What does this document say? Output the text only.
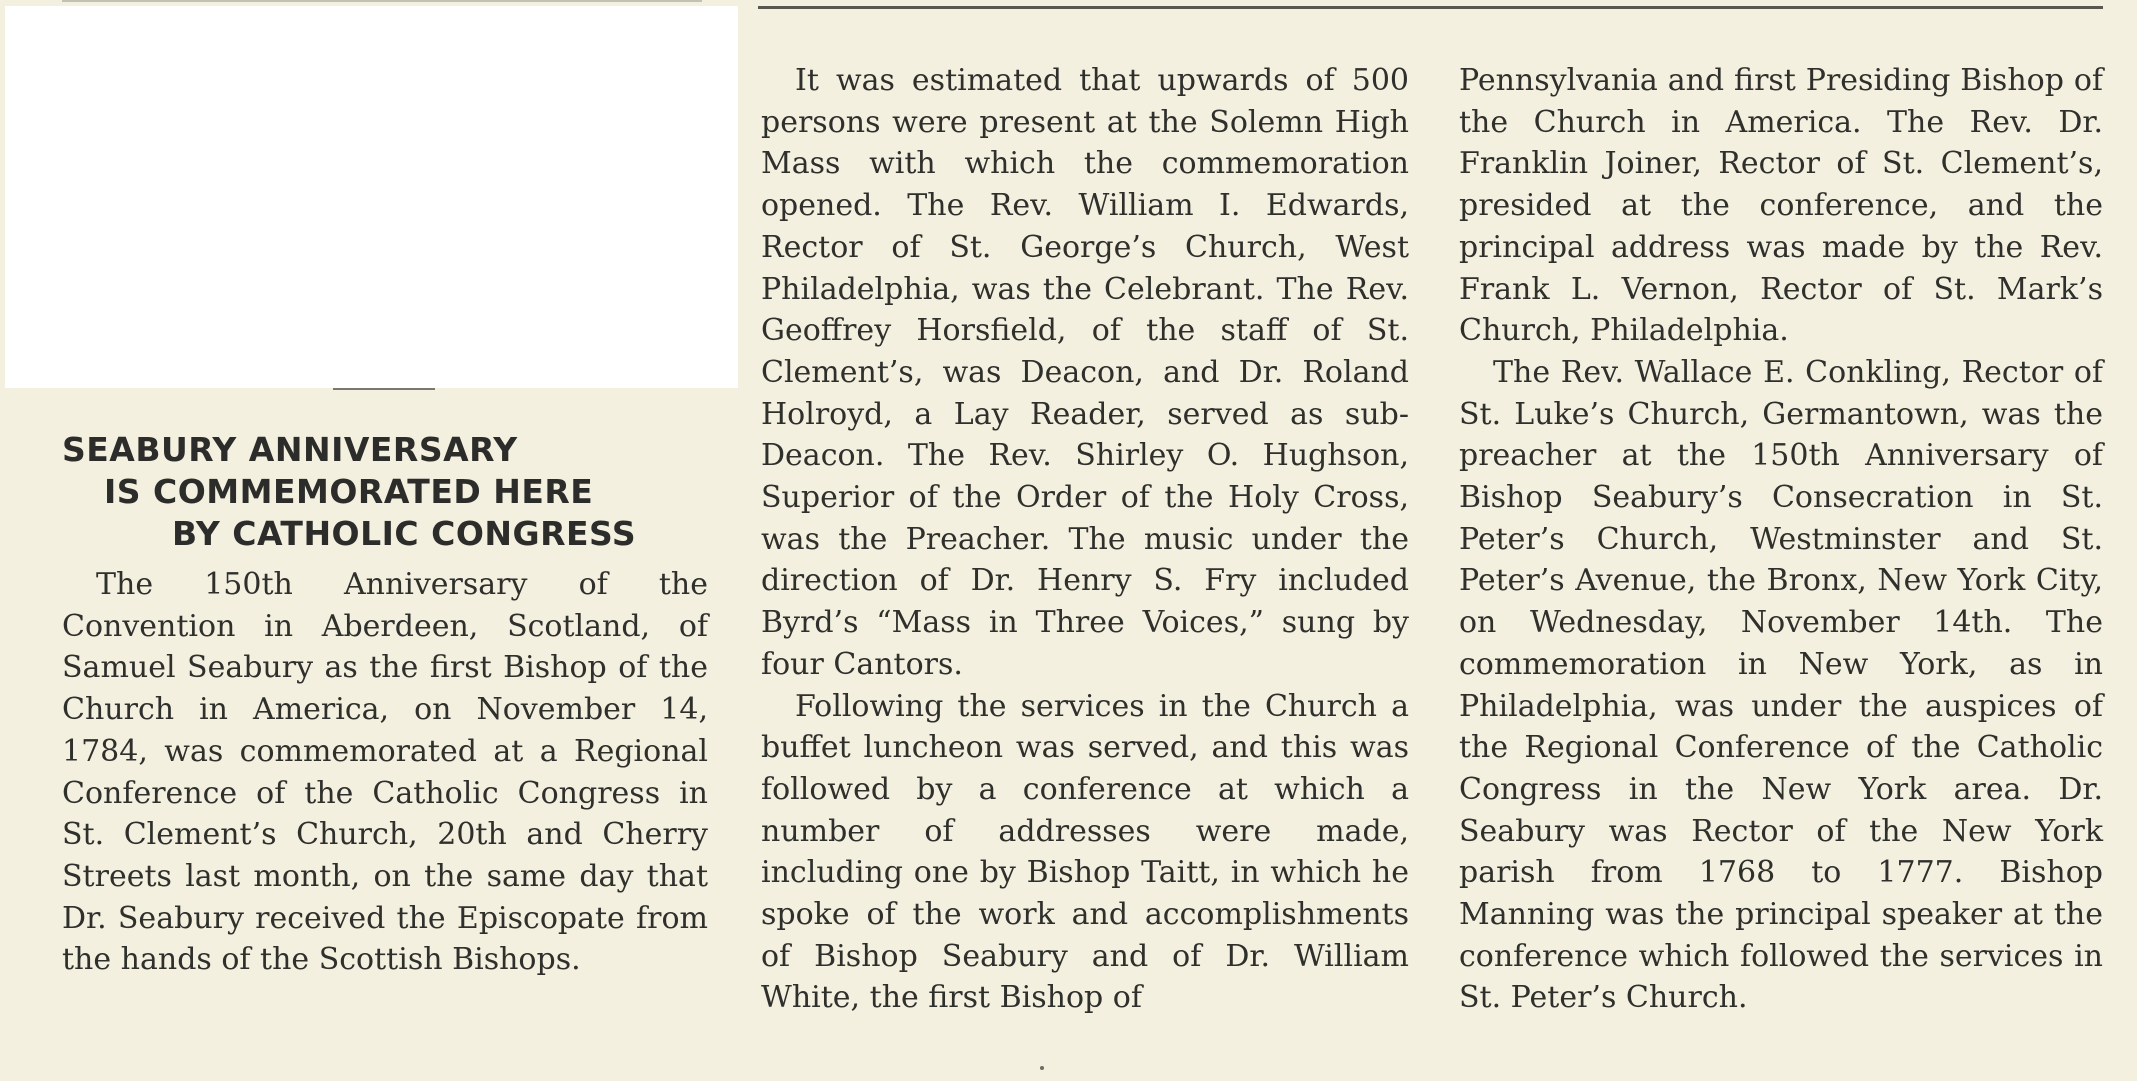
SEABURY ANNIVERSARY
IS COMMEMORATED HERE
BY CATHOLIC CONGRESS

The 150th Anniversary of the Convention in Aberdeen, Scotland, of Samuel Seabury as the first Bishop of the Church in America, on November 14, 1784, was commemorated at a Regional Conference of the Catholic Congress in St. Clement’s Church, 20th and Cherry Streets last month, on the same day that Dr. Seabury received the Episcopate from the hands of the Scottish Bishops.

It was estimated that upwards of 500 persons were present at the Solemn High Mass with which the commemoration opened. The Rev. William I. Edwards, Rector of St. George’s Church, West Philadelphia, was the Celebrant. The Rev. Geoffrey Horsfield, of the staff of St. Clement’s, was Deacon, and Dr. Roland Holroyd, a Lay Reader, served as sub-Deacon. The Rev. Shirley O. Hughson, Superior of the Order of the Holy Cross, was the Preacher. The music under the direction of Dr. Henry S. Fry included Byrd’s “Mass in Three Voices,” sung by four Cantors.

Following the services in the Church a buffet luncheon was served, and this was followed by a conference at which a number of addresses were made, including one by Bishop Taitt, in which he spoke of the work and accomplishments of Bishop Seabury and of Dr. William White, the first Bishop of

Pennsylvania and first Presiding Bishop of the Church in America. The Rev. Dr. Franklin Joiner, Rector of St. Clement’s, presided at the conference, and the principal address was made by the Rev. Frank L. Vernon, Rector of St. Mark’s Church, Philadelphia.

The Rev. Wallace E. Conkling, Rector of St. Luke’s Church, Germantown, was the preacher at the 150th Anniversary of Bishop Seabury’s Consecration in St. Peter’s Church, Westminster and St. Peter’s Avenue, the Bronx, New York City, on Wednesday, November 14th. The commemoration in New York, as in Philadelphia, was under the auspices of the Regional Conference of the Catholic Congress in the New York area. Dr. Seabury was Rector of the New York parish from 1768 to 1777. Bishop Manning was the principal speaker at the conference which followed the services in St. Peter’s Church.
